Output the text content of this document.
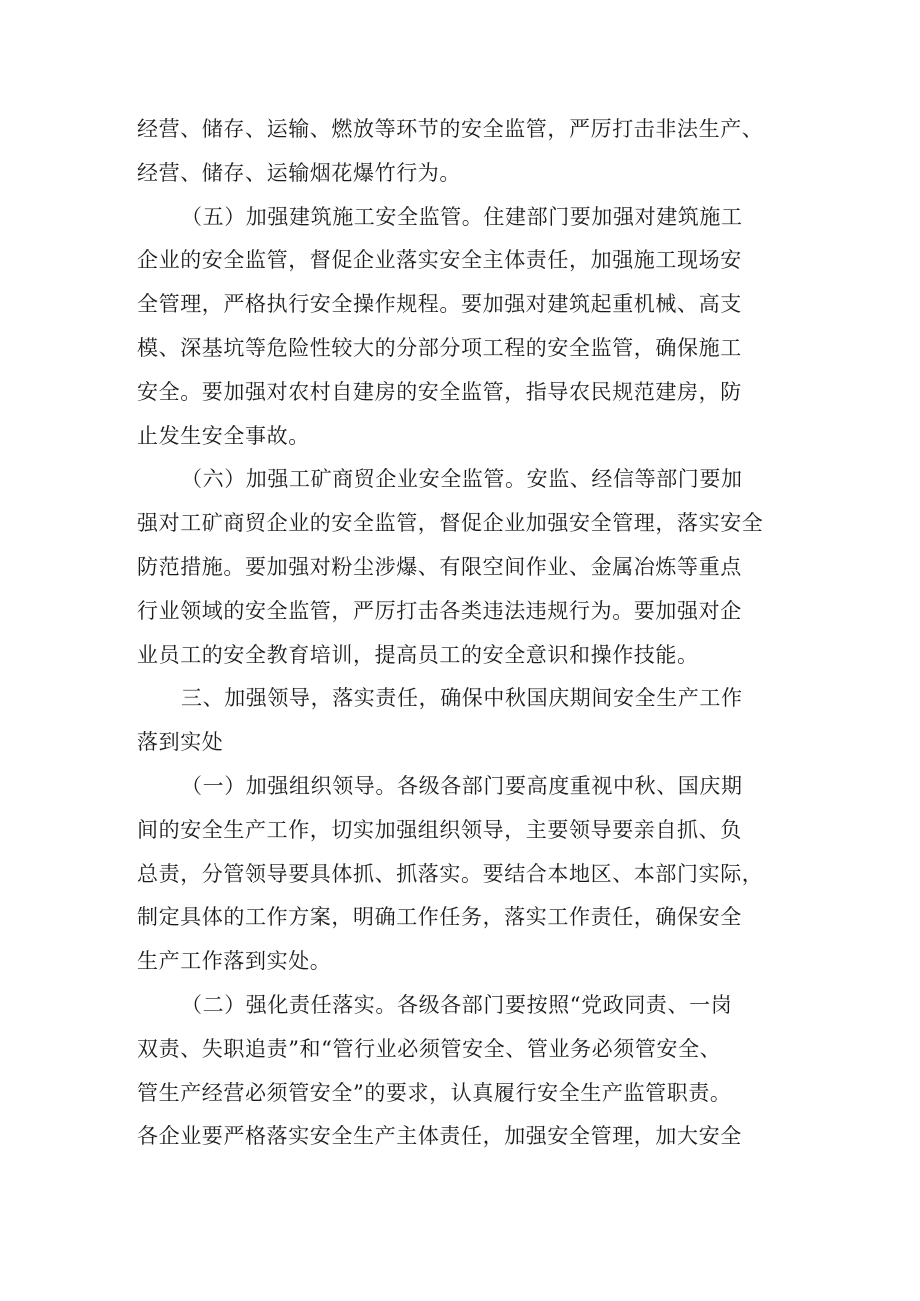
经营、储存、运输、燃放等环节的安全监管，严厉打击非法生产、
经营、储存、运输烟花爆竹行为。
（五）加强建筑施工安全监管。住建部门要加强对建筑施工
企业的安全监管，督促企业落实安全主体责任，加强施工现场安
全管理，严格执行安全操作规程。要加强对建筑起重机械、高支
模、深基坑等危险性较大的分部分项工程的安全监管，确保施工
安全。要加强对农村自建房的安全监管，指导农民规范建房，防
止发生安全事故。
（六）加强工矿商贸企业安全监管。安监、经信等部门要加
强对工矿商贸企业的安全监管，督促企业加强安全管理，落实安全
防范措施。要加强对粉尘涉爆、有限空间作业、金属冶炼等重点
行业领域的安全监管，严厉打击各类违法违规行为。要加强对企
业员工的安全教育培训，提高员工的安全意识和操作技能。
三、加强领导，落实责任，确保中秋国庆期间安全生产工作
落到实处
（一）加强组织领导。各级各部门要高度重视中秋、国庆期
间的安全生产工作，切实加强组织领导，主要领导要亲自抓、负
总责，分管领导要具体抓、抓落实。要结合本地区、本部门实际，
制定具体的工作方案，明确工作任务，落实工作责任，确保安全
生产工作落到实处。
（二）强化责任落实。各级各部门要按照“党政同责、一岗
双责、失职追责”和“管行业必须管安全、管业务必须管安全、
管生产经营必须管安全”的要求，认真履行安全生产监管职责。
各企业要严格落实安全生产主体责任，加强安全管理，加大安全
